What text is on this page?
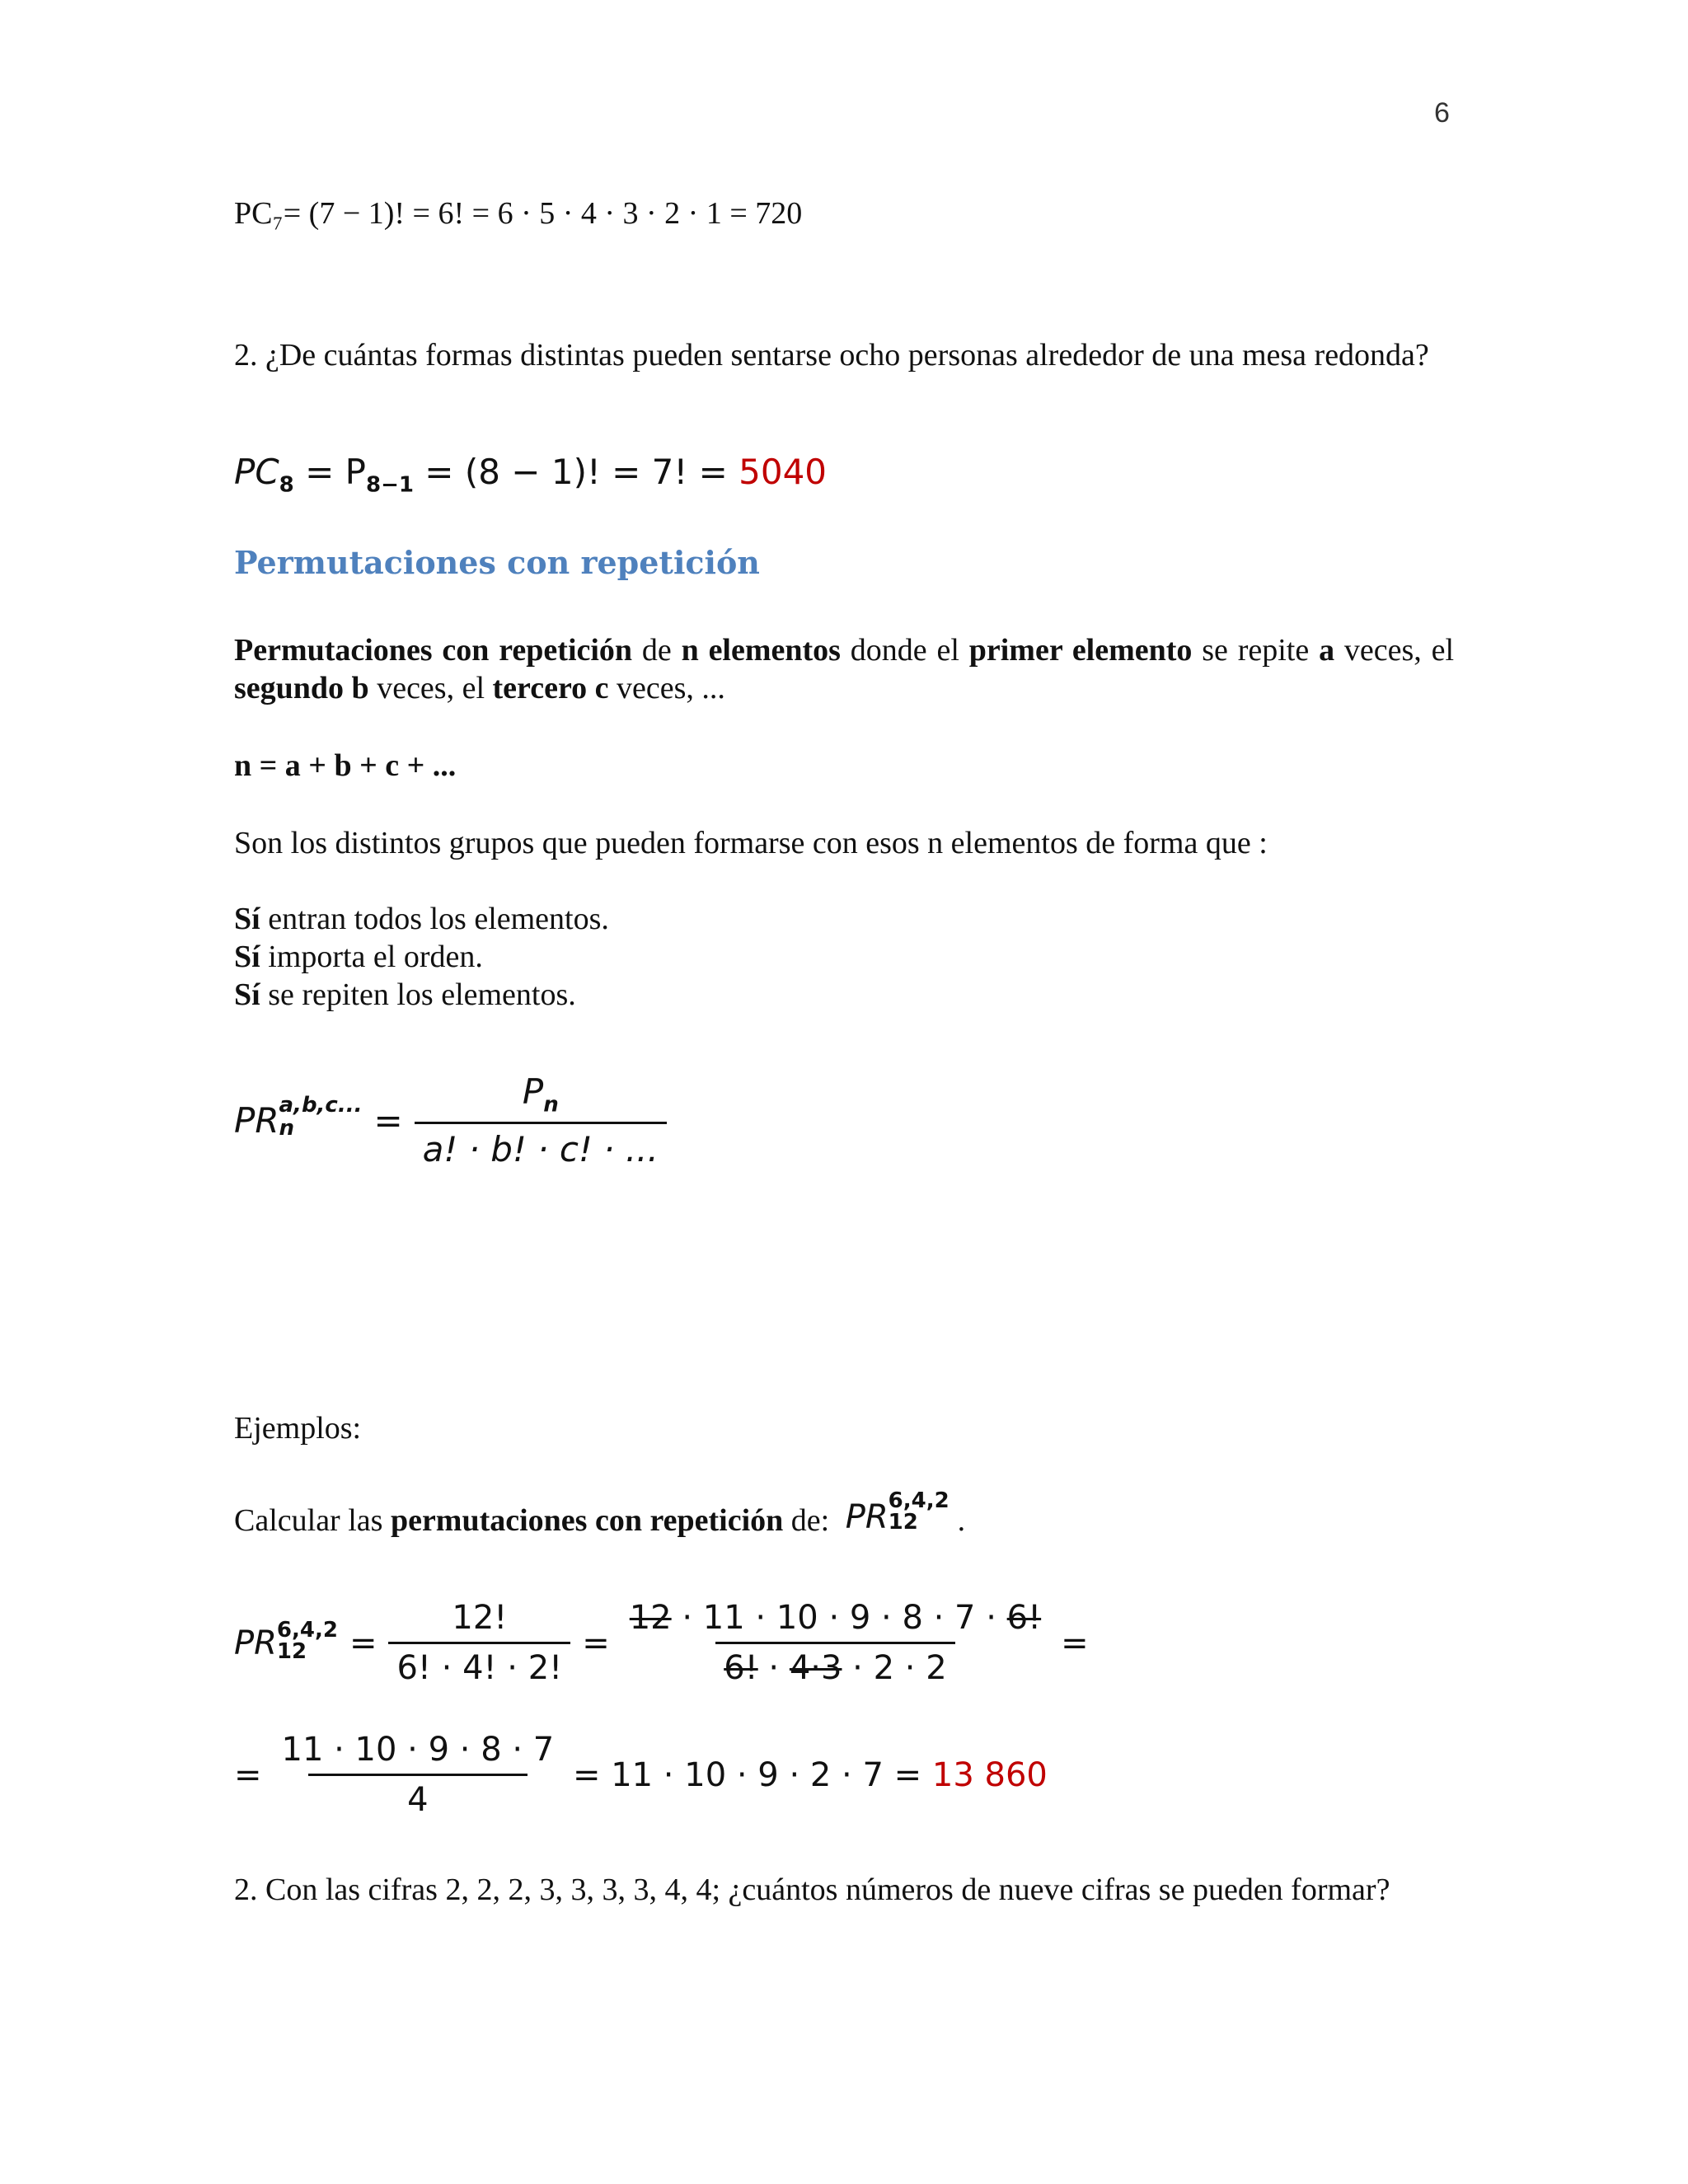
6
PC₇= (7 − 1)! = 6! = 6 · 5 · 4 · 3 · 2 · 1 = 720
2. ¿De cuántas formas distintas pueden sentarse ocho personas alrededor de una mesa redonda?
$PC_8 = P_{8-1} = (8 - 1)$! = 7! = 5040
Permutaciones con repetición
Permutaciones con repetición de n elementos donde el primer elemento se repite a veces, el segundo b veces, el tercero c veces, ...
n = a + b + c + ...
Son los distintos grupos que pueden formarse con esos n elementos de forma que :
Sí entran todos los elementos.
Sí importa el orden.
Sí se repiten los elementos.
PR a,b,c...
n	= $\frac{P_n}{a! \cdot b! \cdot c! \cdot ...}$
Ejemplos:
Calcular las permutaciones con repetición de: PR 6,4,2
12	.
PR 6,4,2
12	= $\frac{12!}{6! \cdot 4! \cdot 2!} = \frac{12 \cdot 11 \cdot 10 \cdot 9 \cdot 8 \cdot 7 \cdot 6!}{6! \cdot 4\cdot 3 \cdot 2 \cdot 2}$ =
= $\frac{11 \cdot 10 \cdot 9 \cdot 8 \cdot 7}{4} = 11 \cdot 10 \cdot 9 \cdot 2 \cdot 7 = 13$ 860
2. Con las cifras 2, 2, 2, 3, 3, 3, 3, 4, 4; ¿cuántos números de nueve cifras se pueden formar?
